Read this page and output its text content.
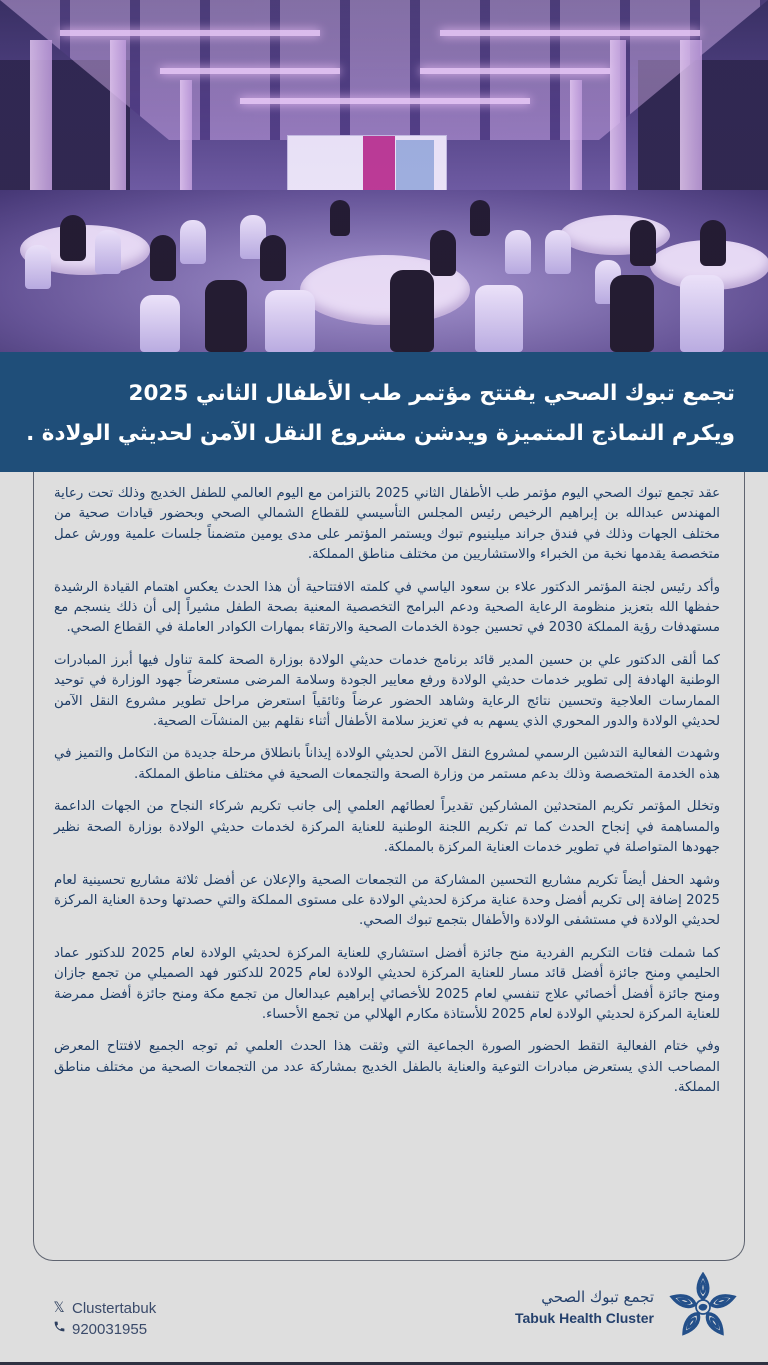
تجمع تبوك الصحي يفتتح مؤتمر طب الأطفال الثاني 2025
ويكرم النماذج المتميزة ويدشن مشروع النقل الآمن لحديثي الولادة .

عقد تجمع تبوك الصحي اليوم مؤتمر طب الأطفال الثاني 2025 بالتزامن مع اليوم العالمي للطفل الخديج وذلك تحت رعاية المهندس عبدالله بن إبراهيم الرخيص رئيس المجلس التأسيسي للقطاع الشمالي الصحي وبحضور قيادات صحية من مختلف الجهات وذلك في فندق جراند ميلينيوم تبوك ويستمر المؤتمر على مدى يومين متضمناً جلسات علمية وورش عمل متخصصة يقدمها نخبة من الخبراء والاستشاريين من مختلف مناطق المملكة.

وأكد رئيس لجنة المؤتمر الدكتور علاء بن سعود الياسي في كلمته الافتتاحية أن هذا الحدث يعكس اهتمام القيادة الرشيدة حفظها الله بتعزيز منظومة الرعاية الصحية ودعم البرامج التخصصية المعنية بصحة الطفل مشيراً إلى أن ذلك ينسجم مع مستهدفات رؤية المملكة 2030 في تحسين جودة الخدمات الصحية والارتقاء بمهارات الكوادر العاملة في القطاع الصحي.

كما ألقى الدكتور علي بن حسين المدير قائد برنامج خدمات حديثي الولادة بوزارة الصحة كلمة تناول فيها أبرز المبادرات الوطنية الهادفة إلى تطوير خدمات حديثي الولادة ورفع معايير الجودة وسلامة المرضى مستعرضاً جهود الوزارة في توحيد الممارسات العلاجية وتحسين نتائج الرعاية وشاهد الحضور عرضاً وثائقياً استعرض مراحل تطوير مشروع النقل الآمن لحديثي الولادة والدور المحوري الذي يسهم به في تعزيز سلامة الأطفال أثناء نقلهم بين المنشآت الصحية.

وشهدت الفعالية التدشين الرسمي لمشروع النقل الآمن لحديثي الولادة إيذاناً بانطلاق مرحلة جديدة من التكامل والتميز في هذه الخدمة المتخصصة وذلك بدعم مستمر من وزارة الصحة والتجمعات الصحية في مختلف مناطق المملكة.

وتخلل المؤتمر تكريم المتحدثين المشاركين تقديراً لعطائهم العلمي إلى جانب تكريم شركاء النجاح من الجهات الداعمة والمساهمة في إنجاح الحدث كما تم تكريم اللجنة الوطنية للعناية المركزة لخدمات حديثي الولادة بوزارة الصحة نظير جهودها المتواصلة في تطوير خدمات العناية المركزة بالمملكة.

وشهد الحفل أيضاً تكريم مشاريع التحسين المشاركة من التجمعات الصحية والإعلان عن أفضل ثلاثة مشاريع تحسينية لعام 2025 إضافة إلى تكريم أفضل وحدة عناية مركزة لحديثي الولادة على مستوى المملكة والتي حصدتها وحدة العناية المركزة لحديثي الولادة في مستشفى الولادة والأطفال بتجمع تبوك الصحي.

كما شملت فئات التكريم الفردية منح جائزة أفضل استشاري للعناية المركزة لحديثي الولادة لعام 2025 للدكتور عماد الحليمي ومنح جائزة أفضل قائد مسار للعناية المركزة لحديثي الولادة لعام 2025 للدكتور فهد الصميلي من تجمع جازان ومنح جائزة أفضل أخصائي علاج تنفسي لعام 2025 للأخصائي إبراهيم عبدالعال من تجمع مكة ومنح جائزة أفضل ممرضة للعناية المركزة لحديثي الولادة لعام 2025 للأستاذة مكارم الهلالي من تجمع الأحساء.

وفي ختام الفعالية التقط الحضور الصورة الجماعية التي وثقت هذا الحدث العلمي ثم توجه الجميع لافتتاح المعرض المصاحب الذي يستعرض مبادرات التوعية والعناية بالطفل الخديج بمشاركة عدد من التجمعات الصحية من مختلف مناطق المملكة.

𝕏 Clustertabuk
920031955
تجمع تبوك الصحي
Tabuk Health Cluster
